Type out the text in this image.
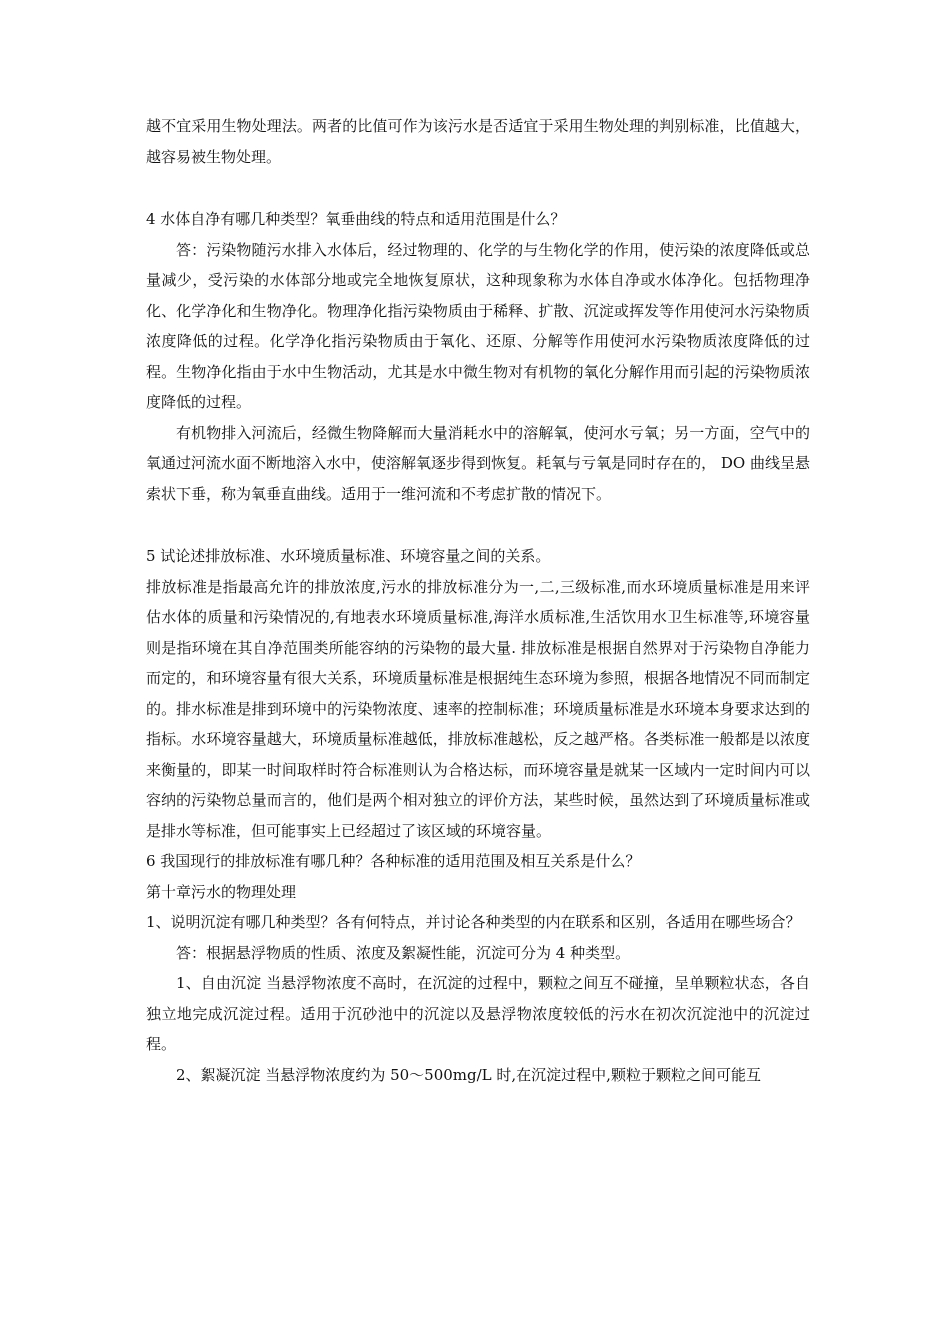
越不宜采用生物处理法。两者的比值可作为该污水是否适宜于采用生物处理的判别标准，比值越大，越容易被生物处理。

4 水体自净有哪几种类型？氧垂曲线的特点和适用范围是什么？

答：污染物随污水排入水体后，经过物理的、化学的与生物化学的作用，使污染的浓度降低或总量减少，受污染的水体部分地或完全地恢复原状，这种现象称为水体自净或水体净化。包括物理净化、化学净化和生物净化。物理净化指污染物质由于稀释、扩散、沉淀或挥发等作用使河水污染物质浓度降低的过程。化学净化指污染物质由于氧化、还原、分解等作用使河水污染物质浓度降低的过程。生物净化指由于水中生物活动，尤其是水中微生物对有机物的氧化分解作用而引起的污染物质浓度降低的过程。

有机物排入河流后，经微生物降解而大量消耗水中的溶解氧，使河水亏氧；另一方面，空气中的氧通过河流水面不断地溶入水中，使溶解氧逐步得到恢复。耗氧与亏氧是同时存在的， DO 曲线呈悬索状下垂，称为氧垂直曲线。适用于一维河流和不考虑扩散的情况下。

5 试论述排放标准、水环境质量标准、环境容量之间的关系。

排放标准是指最高允许的排放浓度,污水的排放标准分为一,二,三级标准,而水环境质量标准是用来评估水体的质量和污染情况的,有地表水环境质量标准,海洋水质标准,生活饮用水卫生标准等,环境容量则是指环境在其自净范围类所能容纳的污染物的最大量. 排放标准是根据自然界对于污染物自净能力而定的，和环境容量有很大关系，环境质量标准是根据纯生态环境为参照，根据各地情况不同而制定的。排水标准是排到环境中的污染物浓度、速率的控制标准；环境质量标准是水环境本身要求达到的指标。水环境容量越大，环境质量标准越低，排放标准越松，反之越严格。各类标准一般都是以浓度来衡量的，即某一时间取样时符合标准则认为合格达标，而环境容量是就某一区域内一定时间内可以容纳的污染物总量而言的，他们是两个相对独立的评价方法，某些时候，虽然达到了环境质量标准或是排水等标准，但可能事实上已经超过了该区域的环境容量。

6 我国现行的排放标准有哪几种？各种标准的适用范围及相互关系是什么？

第十章污水的物理处理

1、说明沉淀有哪几种类型？各有何特点，并讨论各种类型的内在联系和区别，各适用在哪些场合？

答：根据悬浮物质的性质、浓度及絮凝性能，沉淀可分为 4 种类型。

1、自由沉淀 当悬浮物浓度不高时，在沉淀的过程中，颗粒之间互不碰撞，呈单颗粒状态，各自独立地完成沉淀过程。适用于沉砂池中的沉淀以及悬浮物浓度较低的污水在初次沉淀池中的沉淀过程。

2、絮凝沉淀 当悬浮物浓度约为 50～500mg/L 时,在沉淀过程中,颗粒于颗粒之间可能互
